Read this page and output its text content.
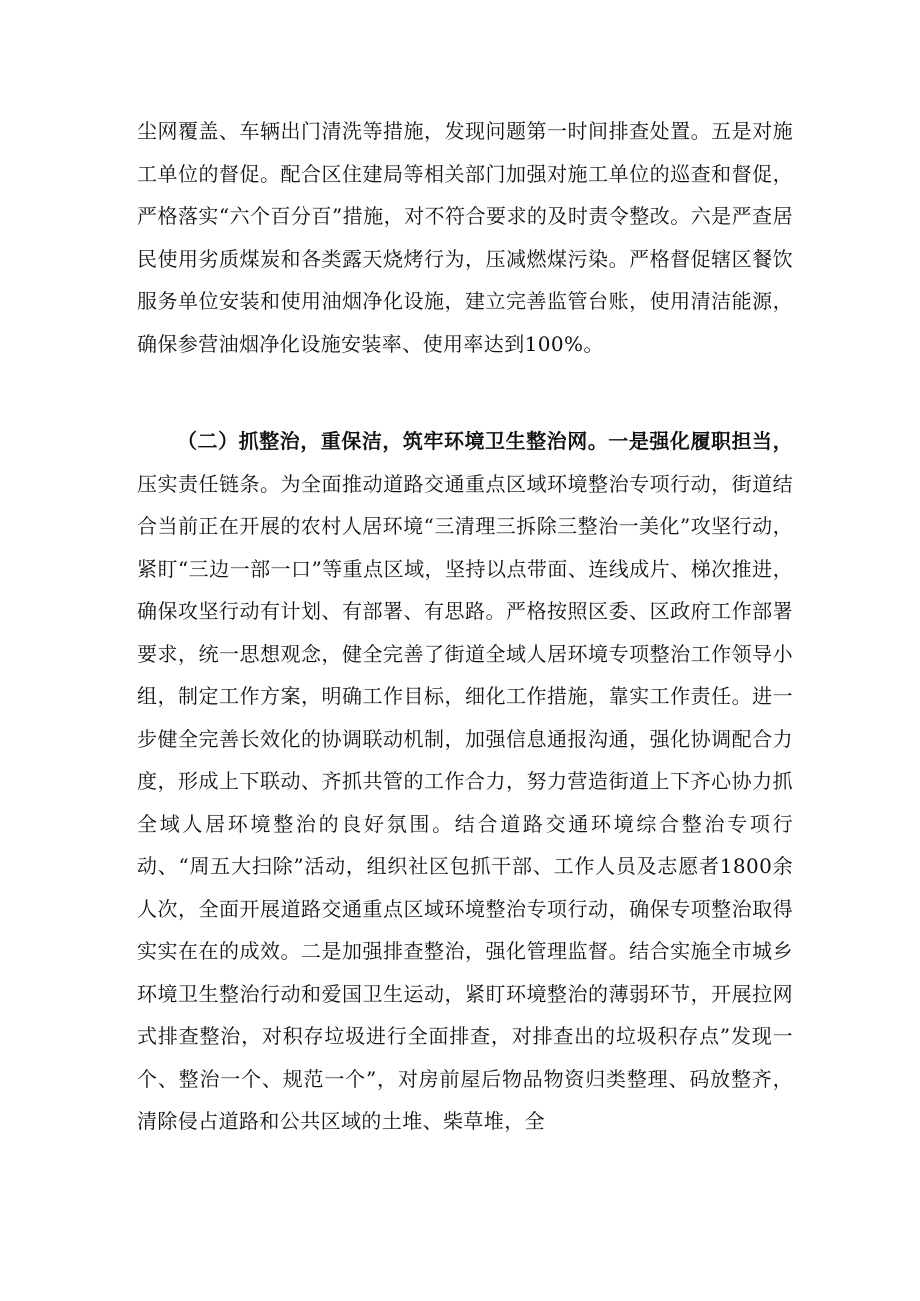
尘网覆盖、车辆出门清洗等措施，发现问题第一时间排查处置。五是对施工单位的督促。配合区住建局等相关部门加强对施工单位的巡查和督促，严格落实“六个百分百”措施，对不符合要求的及时责令整改。六是严查居民使用劣质煤炭和各类露天烧烤行为，压减燃煤污染。严格督促辖区餐饮服务单位安装和使用油烟净化设施，建立完善监管台账，使用清洁能源，确保参营油烟净化设施安装率、使用率达到100%。

（二）抓整治，重保洁，筑牢环境卫生整治网。一是强化履职担当，压实责任链条。为全面推动道路交通重点区域环境整治专项行动，街道结合当前正在开展的农村人居环境“三清理三拆除三整治一美化”攻坚行动，紧盯“三边一部一口”等重点区域，坚持以点带面、连线成片、梯次推进，确保攻坚行动有计划、有部署、有思路。严格按照区委、区政府工作部署要求，统一思想观念，健全完善了街道全域人居环境专项整治工作领导小组，制定工作方案，明确工作目标，细化工作措施，靠实工作责任。进一步健全完善长效化的协调联动机制，加强信息通报沟通，强化协调配合力度，形成上下联动、齐抓共管的工作合力，努力营造街道上下齐心协力抓全域人居环境整治的良好氛围。结合道路交通环境综合整治专项行动、“周五大扫除”活动，组织社区包抓干部、工作人员及志愿者1800余人次，全面开展道路交通重点区域环境整治专项行动，确保专项整治取得实实在在的成效。二是加强排查整治，强化管理监督。结合实施全市城乡环境卫生整治行动和爱国卫生运动，紧盯环境整治的薄弱环节，开展拉网式排查整治，对积存垃圾进行全面排查，对排查出的垃圾积存点”发现一个、整治一个、规范一个”，对房前屋后物品物资归类整理、码放整齐，清除侵占道路和公共区域的土堆、柴草堆，全
